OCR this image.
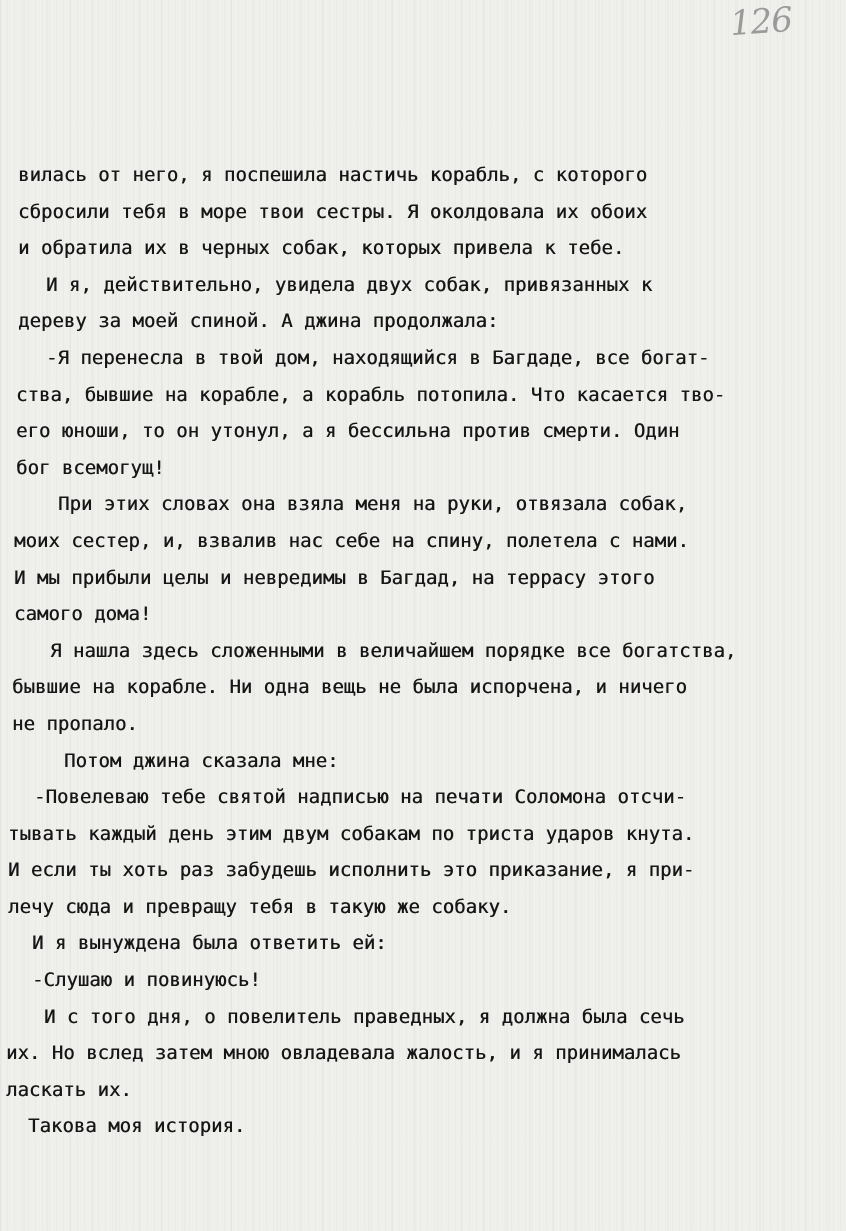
126
вилась от него, я поспешила настичь корабль, с которого
сбросили тебя в море твои сестры. Я околдовала их обоих
и обратила их в черных собак, которых привела к тебе.
И я, действительно, увидела двух собак, привязанных к
дереву за моей спиной. А джина продолжала:
-Я перенесла в твой дом, находящийся в Багдаде, все богат-
ства, бывшие на корабле, а корабль потопила. Что касается тво-
его юноши, то он утонул, а я бессильна против смерти. Один
бог всемогущ!
При этих словах она взяла меня на руки, отвязала собак,
моих сестер, и, взвалив нас себе на спину, полетела с нами.
И мы прибыли целы и невредимы в Багдад, на террасу этого
самого дома!
Я нашла здесь сложенными в величайшем порядке все богатства,
бывшие на корабле. Ни одна вещь не была испорчена, и ничего
не пропало.
Потом джина сказала мне:
-Повелеваю тебе святой надписью на печати Соломона отсчи-
тывать каждый день этим двум собакам по триста ударов кнута.
И если ты хоть раз забудешь исполнить это приказание, я при-
лечу сюда и превращу тебя в такую же собаку.
И я вынуждена была ответить ей:
-Слушаю и повинуюсь!
И с того дня, о повелитель праведных, я должна была сечь
их. Но вслед затем мною овладевала жалость, и я принималась
ласкать их.
Такова моя история.
